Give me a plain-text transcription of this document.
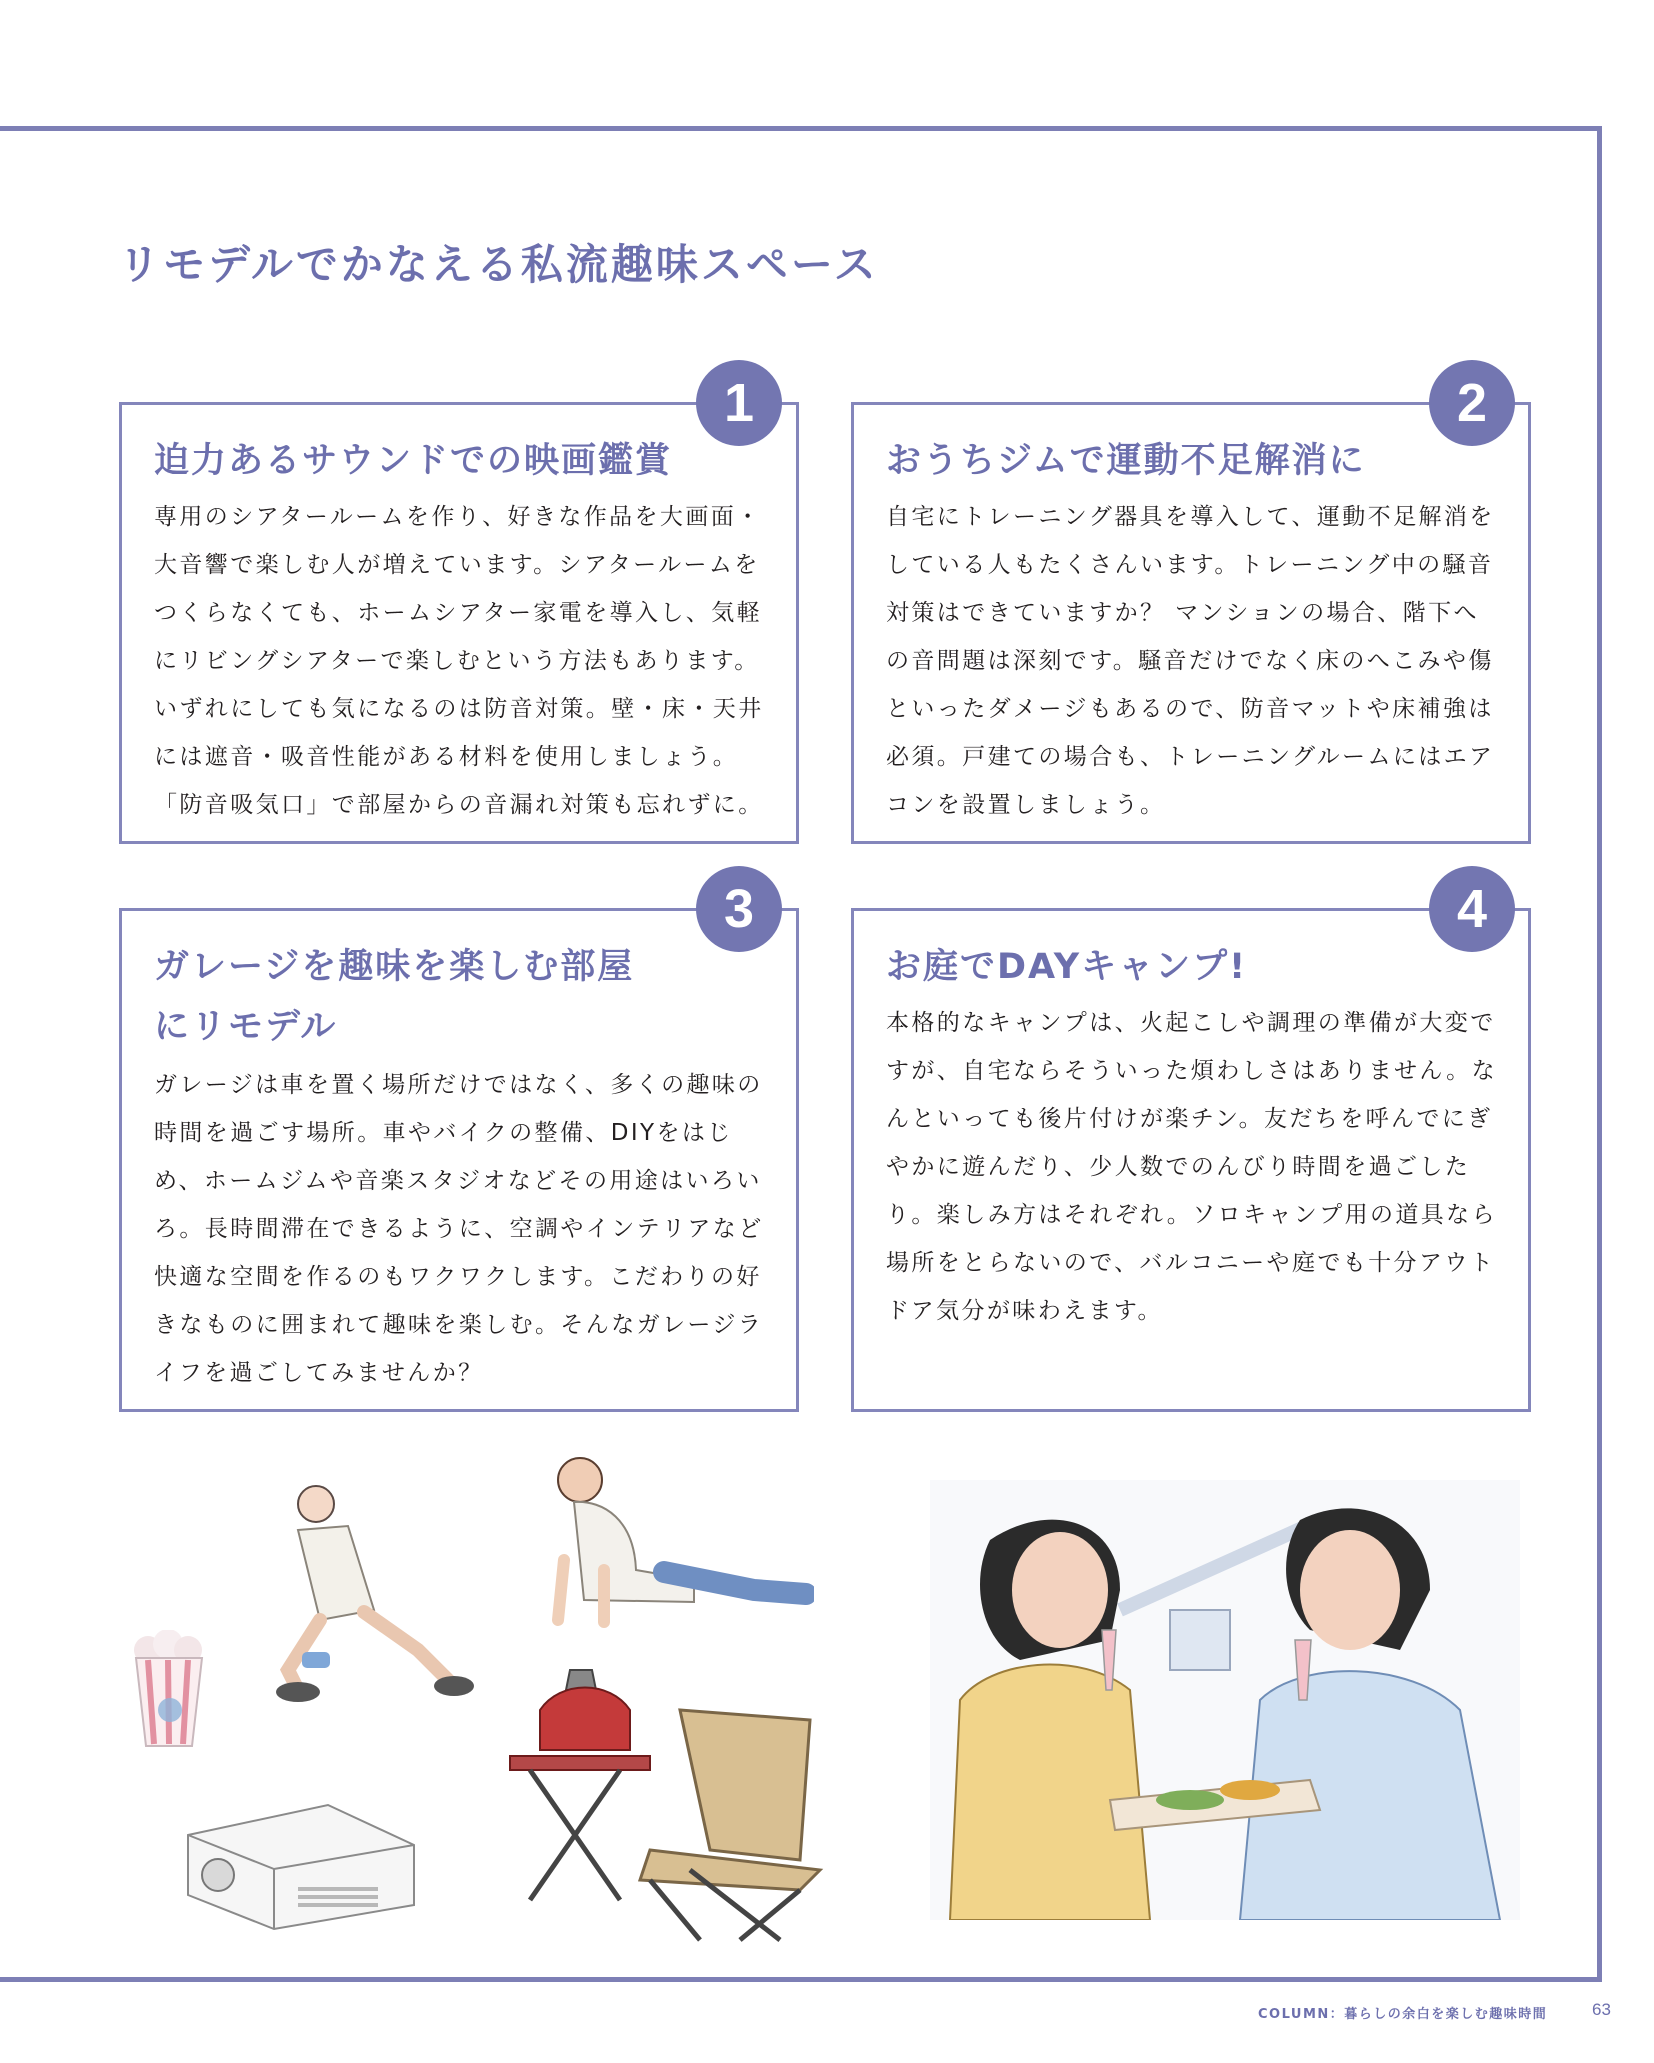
リモデルでかなえる私流趣味スペース
迫力あるサウンドでの映画鑑賞
専用のシアタールームを作り、好きな作品を大画面・大音響で楽しむ人が増えています。シアタールームをつくらなくても、ホームシアター家電を導入し、気軽にリビングシアターで楽しむという方法もあります。いずれにしても気になるのは防音対策。壁・床・天井には遮音・吸音性能がある材料を使用しましょう。「防音吸気口」で部屋からの音漏れ対策も忘れずに。
1
おうちジムで運動不足解消に
自宅にトレーニング器具を導入して、運動不足解消をしている人もたくさんいます。トレーニング中の騒音対策はできていますか？ マンションの場合、階下への音問題は深刻です。騒音だけでなく床のへこみや傷といったダメージもあるので、防音マットや床補強は必須。戸建ての場合も、トレーニングルームにはエアコンを設置しましょう。
2
ガレージを趣味を楽しむ部屋にリモデル
ガレージは車を置く場所だけではなく、多くの趣味の時間を過ごす場所。車やバイクの整備、DIYをはじめ、ホームジムや音楽スタジオなどその用途はいろいろ。長時間滞在できるように、空調やインテリアなど快適な空間を作るのもワクワクします。こだわりの好きなものに囲まれて趣味を楽しむ。そんなガレージライフを過ごしてみませんか？
3
お庭でDAYキャンプ!
本格的なキャンプは、火起こしや調理の準備が大変ですが、自宅ならそういった煩わしさはありません。なんといっても後片付けが楽チン。友だちを呼んでにぎやかに遊んだり、少人数でのんびり時間を過ごしたり。楽しみ方はそれぞれ。ソロキャンプ用の道具なら場所をとらないので、バルコニーや庭でも十分アウトドア気分が味わえます。
4
COLUMN：暮らしの余白を楽しむ趣味時間	63
